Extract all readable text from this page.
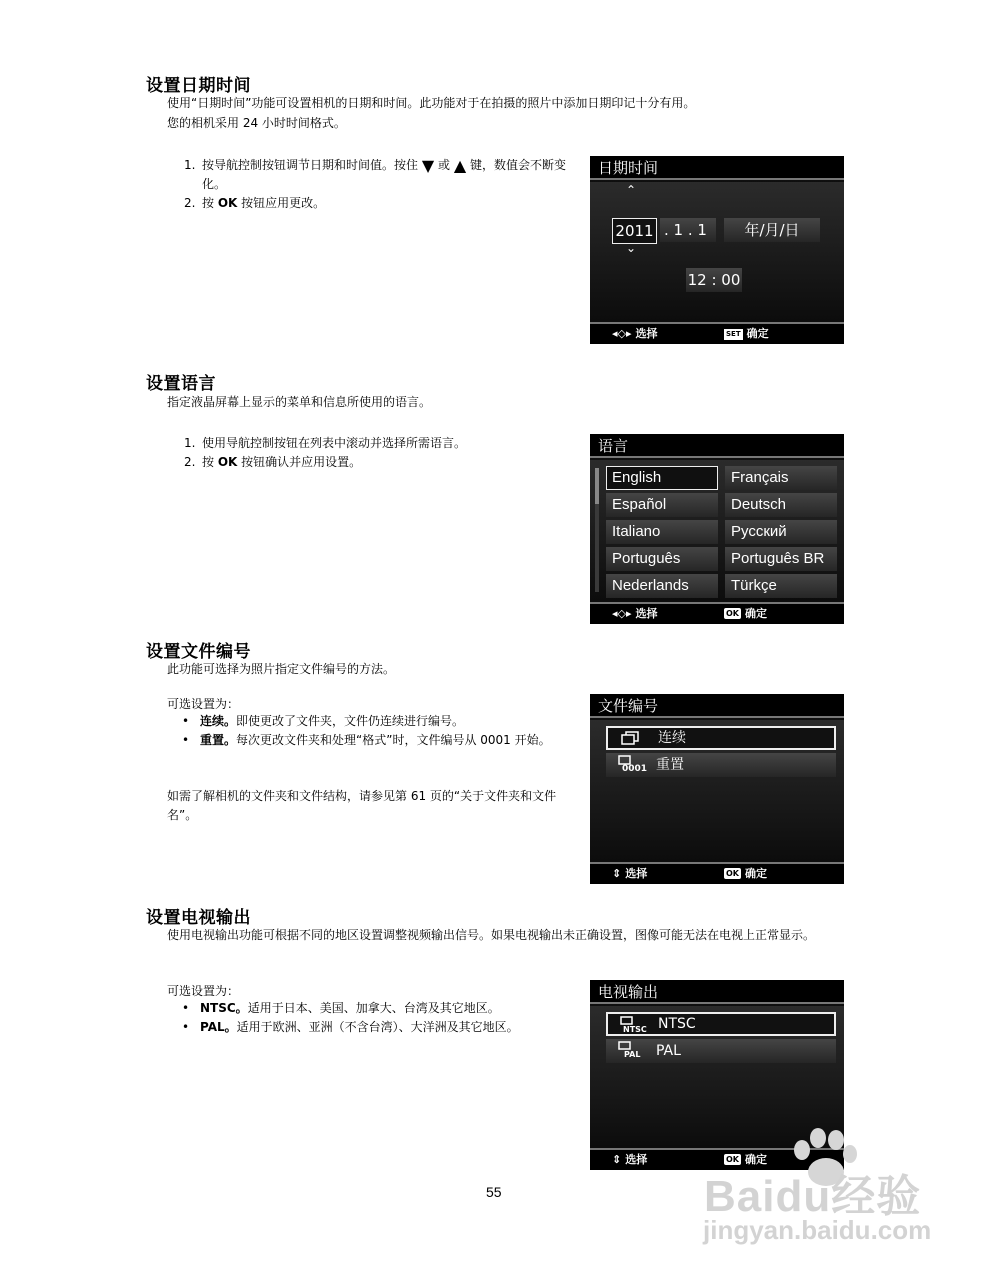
设置日期时间
使用“日期时间”功能可设置相机的日期和时间。此功能对于在拍摄的照片中添加日期印记十分有用。
您的相机采用 24 小时时间格式。
1. 按导航控制按钮调节日期和时间值。按住 ▼ 或 ▲ 键，数值会不断变化。
2. 按 OK 按钮应用更改。
日期时间
⌃
2011
⌄
. 1 . 1	年/月/日
12 : 00
◂◇▸ 选择	SET 确定
设置语言
指定液晶屏幕上显示的菜单和信息所使用的语言。
1. 使用导航控制按钮在列表中滚动并选择所需语言。
2. 按 OK 按钮确认并应用设置。
语言
English	Français
Español	Deutsch
Italiano	Русский
Português	Português BR
Nederlands	Türkçe
◂◇▸ 选择	OK 确定
设置文件编号
此功能可选择为照片指定文件编号的方法。
可选设置为：
• 连续。即使更改了文件夹，文件仍连续进行编号。
• 重置。每次更改文件夹和处理“格式”时，文件编号从 0001 开始。
如需了解相机的文件夹和文件结构，请参见第 61 页的“关于文件夹和文件名”。
文件编号
连续
0001 重置
⇕ 选择	OK 确定
设置电视输出
使用电视输出功能可根据不同的地区设置调整视频输出信号。如果电视输出未正确设置，图像可能无法在电视上正常显示。
可选设置为：
• NTSC。适用于日本、美国、加拿大、台湾及其它地区。
• PAL。适用于欧洲、亚洲（不含台湾）、大洋洲及其它地区。
电视输出
NTSC NTSC
PAL PAL
⇕ 选择	OK 确定
55	Baidu经验
jingyan.baidu.com
